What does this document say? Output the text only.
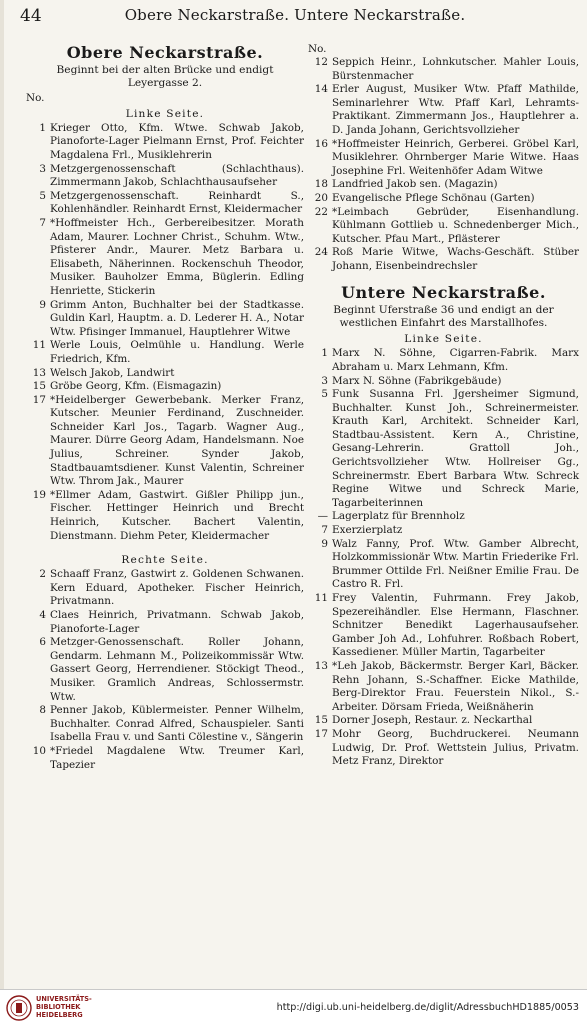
44	Obere Neckarstraße. Untere Neckarstraße.
Obere Neckarstraße.
Beginnt bei der alten Brücke und endigt Leyergasse 2.
No.
Linke Seite.
1 Krieger Otto, Kfm. Wtwe. Schwab Jakob, Pianoforte-Lager Pielmann Ernst, Prof. Feichter Magdalena Frl., Musiklehrerin
3 Metzgergenossenschaft (Schlachthaus). Zimmermann Jakob, Schlachthausaufseher
5 Metzgergenossenschaft. Reinhardt S., Kohlenhändler. Reinhardt Ernst, Kleidermacher
7 *Hoffmeister Hch., Gerbereibesitzer. Morath Adam, Maurer. Lochner Christ., Schuhm. Wtw., Pfisterer Andr., Maurer. Metz Barbara u. Elisabeth, Näherinnen. Rockenschuh Theodor, Musiker. Bauholzer Emma, Büglerin. Edling Henriette, Stickerin
9 Grimm Anton, Buchhalter bei der Stadtkasse. Guldin Karl, Hauptm. a. D. Lederer H. A., Notar Wtw. Pfisinger Immanuel, Hauptlehrer Witwe
11 Werle Louis, Oelmühle u. Handlung. Werle Friedrich, Kfm.
13 Welsch Jakob, Landwirt
15 Gröbe Georg, Kfm. (Eismagazin)
17 *Heidelberger Gewerbebank. Merker Franz, Kutscher. Meunier Ferdinand, Zuschneider. Schneider Karl Jos., Tagarb. Wagner Aug., Maurer. Dürre Georg Adam, Handelsmann. Noe Julius, Schreiner. Synder Jakob, Stadtbauamtsdiener. Kunst Valentin, Schreiner Wtw. Throm Jak., Maurer
19 *Ellmer Adam, Gastwirt. Gißler Philipp jun., Fischer. Hettinger Heinrich und Brecht Heinrich, Kutscher. Bachert Valentin, Dienstmann. Diehm Peter, Kleidermacher
Rechte Seite.
2 Schaaff Franz, Gastwirt z. Goldenen Schwanen. Kern Eduard, Apotheker. Fischer Heinrich, Privatmann.
4 Claes Heinrich, Privatmann. Schwab Jakob, Pianoforte-Lager
6 Metzger-Genossenschaft. Roller Johann, Gendarm. Lehmann M., Polizeikommissär Wtw. Gassert Georg, Herrendiener. Stöckigt Theod., Musiker. Gramlich Andreas, Schlossermstr. Wtw.
8 Penner Jakob, Küblermeister. Penner Wilhelm, Buchhalter. Conrad Alfred, Schauspieler. Santi Isabella Frau v. und Santi Cölestine v., Sängerin
10 *Friedel Magdalene Wtw. Treumer Karl, Tapezier
No.
12 Seppich Heinr., Lohnkutscher. Mahler Louis, Bürstenmacher
14 Erler August, Musiker Wtw. Pfaff Mathilde, Seminarlehrer Wtw. Pfaff Karl, Lehramts-Praktikant. Zimmermann Jos., Hauptlehrer a. D. Janda Johann, Gerichtsvollzieher
16 *Hoffmeister Heinrich, Gerberei. Gröbel Karl, Musiklehrer. Ohrnberger Marie Witwe. Haas Josephine Frl. Weitenhöfer Adam Witwe
18 Landfried Jakob sen. (Magazin)
20 Evangelische Pflege Schönau (Garten)
22 *Leimbach Gebrüder, Eisenhandlung. Kühlmann Gottlieb u. Schnedenberger Mich., Kutscher. Pfau Mart., Pflästerer
24 Roß Marie Witwe, Wachs-Geschäft. Stüber Johann, Eisenbeindrechsler
Untere Neckarstraße.
Beginnt Uferstraße 36 und endigt an der westlichen Einfahrt des Marstallhofes.
Linke Seite.
1 Marx N. Söhne, Cigarren-Fabrik. Marx Abraham u. Marx Lehmann, Kfm.
3 Marx N. Söhne (Fabrikgebäude)
5 Funk Susanna Frl. Jgersheimer Sigmund, Buchhalter. Kunst Joh., Schreinermeister. Krauth Karl, Architekt. Schneider Karl, Stadtbau-Assistent. Kern A., Christine, Gesang-Lehrerin. Grattoll Joh., Gerichtsvollzieher Wtw. Hollreiser Gg., Schreinermstr. Ebert Barbara Wtw. Schreck Regine Witwe und Schreck Marie, Tagarbeiterinnen
— Lagerplatz für Brennholz
7 Exerzierplatz
9 Walz Fanny, Prof. Wtw. Gamber Albrecht, Holzkommissionär Wtw. Martin Friederike Frl. Brummer Ottilde Frl. Neißner Emilie Frau. De Castro R. Frl.
11 Frey Valentin, Fuhrmann. Frey Jakob, Spezereihändler. Else Hermann, Flaschner. Schnitzer Benedikt Lagerhausaufseher. Gamber Joh Ad., Lohfuhrer. Roßbach Robert, Kassediener. Müller Martin, Tagarbeiter
13 *Leh Jakob, Bäckermstr. Berger Karl, Bäcker. Rehn Johann, S.-Schaffner. Eicke Mathilde, Berg-Direktor Frau. Feuerstein Nikol., S.-Arbeiter. Dörsam Frieda, Weißnäherin
15 Dorner Joseph, Restaur. z. Neckarthal
17 Mohr Georg, Buchdruckerei. Neumann Ludwig, Dr. Prof. Wettstein Julius, Privatm. Metz Franz, Direktor
UNIVERSITÄTS-
BIBLIOTHEK
HEIDELBERG
http://digi.ub.uni-heidelberg.de/diglit/AdressbuchHD1885/0053
